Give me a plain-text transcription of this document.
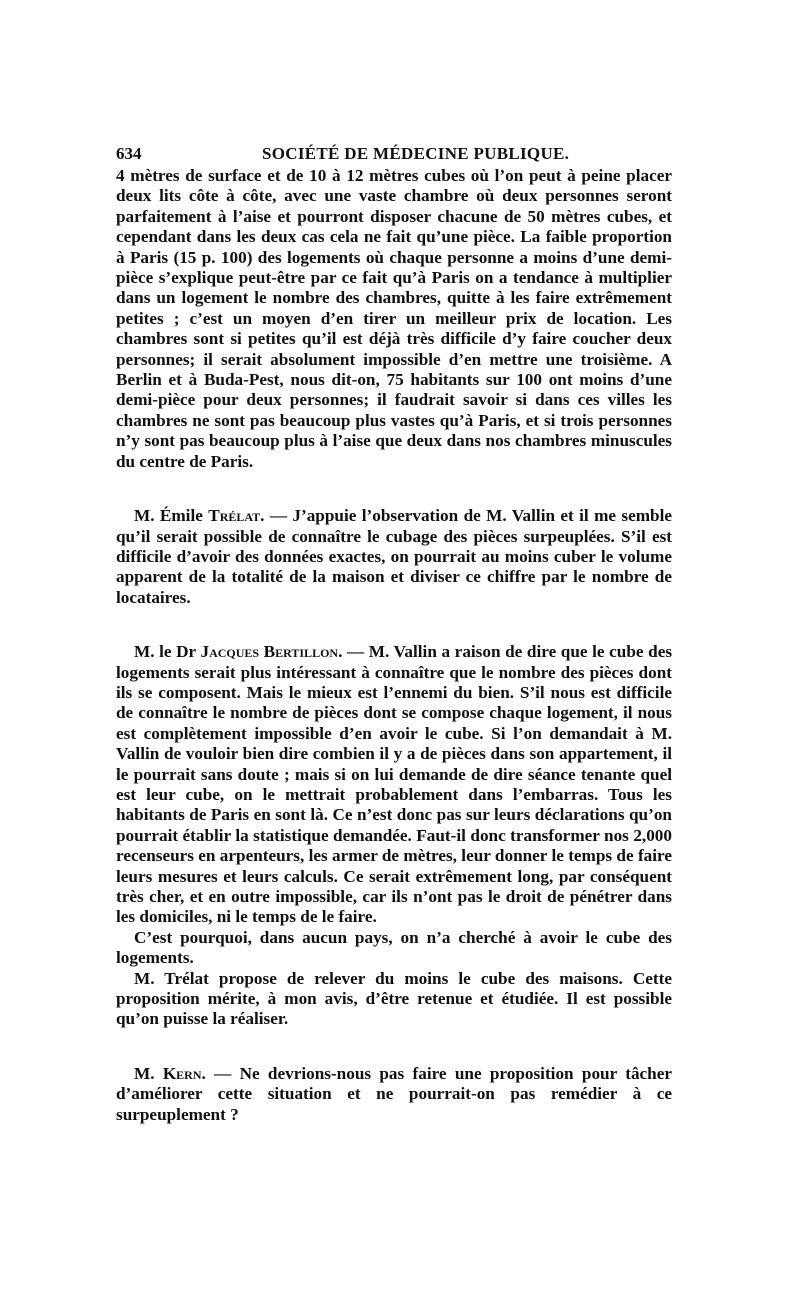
634	SOCIÉTÉ DE MÉDECINE PUBLIQUE.

4 mètres de surface et de 10 à 12 mètres cubes où l’on peut à peine placer deux lits côte à côte, avec une vaste chambre où deux personnes seront parfaitement à l’aise et pourront disposer chacune de 50 mètres cubes, et cependant dans les deux cas cela ne fait qu’une pièce. La faible proportion à Paris (15 p. 100) des logements où chaque personne a moins d’une demi-pièce s’explique peut-être par ce fait qu’à Paris on a tendance à multiplier dans un logement le nombre des chambres, quitte à les faire extrêmement petites ; c’est un moyen d’en tirer un meilleur prix de location. Les chambres sont si petites qu’il est déjà très difficile d’y faire coucher deux personnes; il serait absolument impossible d’en mettre une troisième. A Berlin et à Buda-Pest, nous dit-on, 75 habitants sur 100 ont moins d’une demi-pièce pour deux personnes; il faudrait savoir si dans ces villes les chambres ne sont pas beaucoup plus vastes qu’à Paris, et si trois personnes n’y sont pas beaucoup plus à l’aise que deux dans nos chambres minuscules du centre de Paris.

M. Émile Trélat. — J’appuie l’observation de M. Vallin et il me semble qu’il serait possible de connaître le cubage des pièces surpeuplées. S’il est difficile d’avoir des données exactes, on pourrait au moins cuber le volume apparent de la totalité de la maison et diviser ce chiffre par le nombre de locataires.

M. le Dr Jacques Bertillon. — M. Vallin a raison de dire que le cube des logements serait plus intéressant à connaître que le nombre des pièces dont ils se composent. Mais le mieux est l’ennemi du bien. S’il nous est difficile de connaître le nombre de pièces dont se compose chaque logement, il nous est complètement impossible d’en avoir le cube. Si l’on demandait à M. Vallin de vouloir bien dire combien il y a de pièces dans son appartement, il le pourrait sans doute ; mais si on lui demande de dire séance tenante quel est leur cube, on le mettrait probablement dans l’embarras. Tous les habitants de Paris en sont là. Ce n’est donc pas sur leurs déclarations qu’on pourrait établir la statistique demandée. Faut-il donc transformer nos 2,000 recenseurs en arpenteurs, les armer de mètres, leur donner le temps de faire leurs mesures et leurs calculs. Ce serait extrêmement long, par conséquent très cher, et en outre impossible, car ils n’ont pas le droit de pénétrer dans les domiciles, ni le temps de le faire.

C’est pourquoi, dans aucun pays, on n’a cherché à avoir le cube des logements.

M. Trélat propose de relever du moins le cube des maisons. Cette proposition mérite, à mon avis, d’être retenue et étudiée. Il est possible qu’on puisse la réaliser.

M. Kern. — Ne devrions-nous pas faire une proposition pour tâcher d’améliorer cette situation et ne pourrait-on pas remédier à ce surpeuplement ?
